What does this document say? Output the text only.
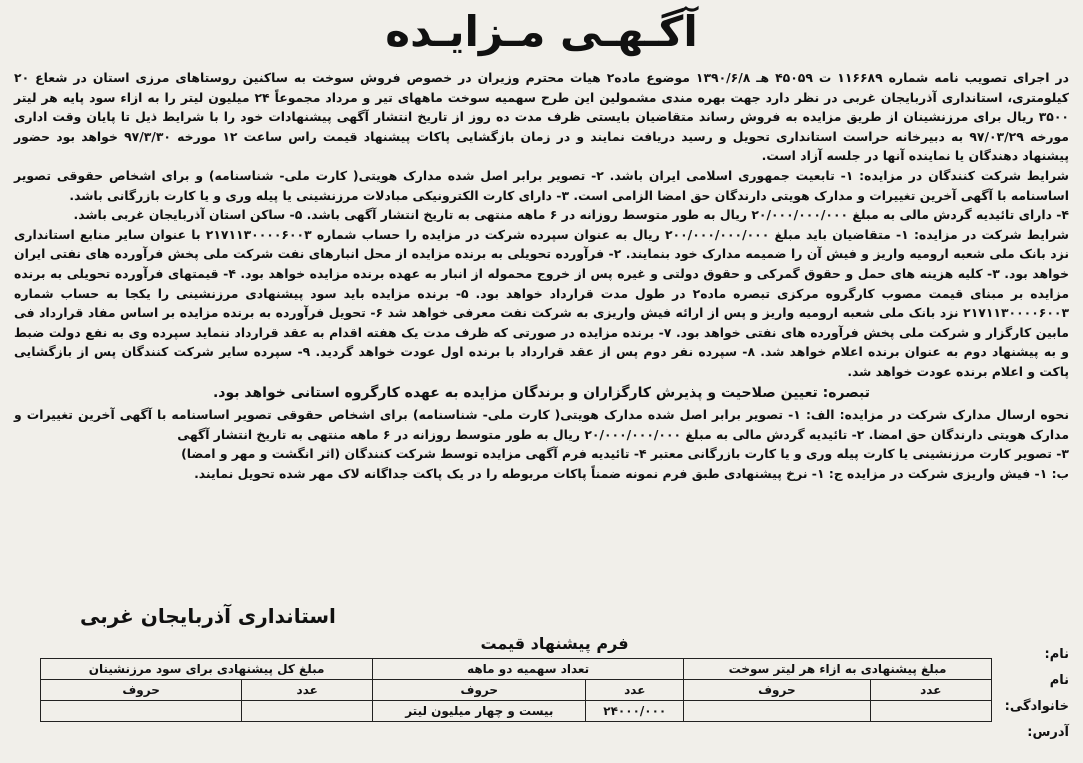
آگـهـی مـزایـده

در اجرای تصویب نامه شماره ۱۱۶۶۸۹ ت ۴۵۰۵۹ هـ ۱۳۹۰/۶/۸ موضوع ماده۲ هیات محترم وزیران در خصوص فروش سوخت به ساکنین روستاهای مرزی استان در شعاع ۲۰ کیلومتری، استانداری آذربایجان غربی در نظر دارد جهت بهره مندی مشمولین این طرح سهمیه سوخت ماههای تیر و مرداد مجموعاً ۲۴ میلیون لیتر را به ازاء سود پایه هر لیتر ۳۵۰۰ ریال برای مرزنشینان از طریق مزایده به فروش رساند متقاضیان بایستی ظرف مدت ده روز از تاریخ انتشار آگهی پیشنهادات خود را با شرایط ذیل تا پایان وقت اداری مورخه ۹۷/۰۳/۲۹ به دبیرخانه حراست استانداری تحویل و رسید دریافت نمایند و در زمان بازگشایی پاکات پیشنهاد قیمت راس ساعت ۱۲ مورخه ۹۷/۳/۳۰ خواهد بود حضور پیشنهاد دهندگان یا نماینده آنها در جلسه آزاد است.

شرایط شرکت کنندگان در مزایده: ۱- تابعیت جمهوری اسلامی ایران باشد. ۲- تصویر برابر اصل شده مدارک هویتی( کارت ملی- شناسنامه) و برای اشخاص حقوقی تصویر اساسنامه با آگهی آخرین تغییرات و مدارک هویتی دارندگان حق امضا الزامی است. ۳- دارای کارت الکترونیکی مبادلات مرزنشینی یا پیله وری و یا کارت بازرگانی باشد.

۴- دارای تائیدیه گردش مالی به مبلغ ۲۰/۰۰۰/۰۰۰/۰۰۰ ریال به طور متوسط روزانه در ۶ ماهه منتهی به تاریخ انتشار آگهی باشد. ۵- ساکن استان آذربایجان غربی باشد.

شرایط شرکت در مزایده: ۱- متقاضیان باید مبلغ ۲۰۰/۰۰۰/۰۰۰/۰۰۰ ریال به عنوان سپرده شرکت در مزایده را حساب شماره ۲۱۷۱۱۳۰۰۰۰۶۰۰۳ با عنوان سایر منابع استانداری نزد بانک ملی شعبه ارومیه واریز و فیش آن را ضمیمه مدارک خود بنمایند. ۲- فرآورده تحویلی به برنده مزایده از محل انبارهای نفت شرکت ملی پخش فرآورده های نفتی ایران خواهد بود. ۳- کلیه هزینه های حمل و حقوق گمرکی و حقوق دولتی و غیره پس از خروج محموله از انبار به عهده برنده مزایده خواهد بود. ۴- قیمتهای فرآورده تحویلی به برنده مزایده بر مبنای قیمت مصوب کارگروه مرکزی تبصره ماده۲ در طول مدت قرارداد خواهد بود. ۵- برنده مزایده باید سود پیشنهادی مرزنشینی را یکجا به حساب شماره ۲۱۷۱۱۳۰۰۰۰۶۰۰۳ نزد بانک ملی شعبه ارومیه واریز و پس از ارائه فیش واریزی به شرکت نفت معرفی خواهد شد ۶- تحویل فرآورده به برنده مزایده بر اساس مفاد قرارداد فی مابین کارگزار و شرکت ملی پخش فرآورده های نفتی خواهد بود. ۷- برنده مزایده در صورتی که ظرف مدت یک هفته اقدام به عقد قرارداد ننماید سپرده وی به نفع دولت ضبط و به پیشنهاد دوم به عنوان برنده اعلام خواهد شد. ۸- سپرده نفر دوم پس از عقد قرارداد با برنده اول عودت خواهد گردید. ۹- سپرده سایر شرکت کنندگان پس از بازگشایی پاکت و اعلام برنده عودت خواهد شد.

تبصره: تعیین صلاحیت و پذیرش کارگزاران و برندگان مزایده به عهده کارگروه استانی خواهد بود.

نحوه ارسال مدارک شرکت در مزایده: الف: ۱- تصویر برابر اصل شده مدارک هویتی( کارت ملی- شناسنامه) برای اشخاص حقوقی تصویر اساسنامه با آگهی آخرین تغییرات و مدارک هویتی دارندگان حق امضا. ۲- تائیدیه گردش مالی به مبلغ ۲۰/۰۰۰/۰۰۰/۰۰۰ ریال به طور متوسط روزانه در ۶ ماهه منتهی به تاریخ انتشار آگهی

۳- تصویر کارت مرزنشینی یا کارت پیله وری و یا کارت بازرگانی معتبر ۴- تائیدیه فرم آگهی مزایده توسط شرکت کنندگان (اثر انگشت و مهر و امضا)

ب: ۱- فیش واریزی شرکت در مزایده ج: ۱- نرخ پیشنهادی طبق فرم نمونه ضمناً پاکات مربوطه را در یک پاکت جداگانه لاک مهر شده تحویل نمایند.

استانداری آذربایجان غربی
فرم پیشنهاد قیمت
نام:
نام خانوادگی:
آدرس:
مبلغ پیشنهادی به ازاء هر لیتر سوخت		تعداد سهمیه دو ماهه		مبلغ کل پیشنهادی برای سود مرزنشینان	
عدد	حروف	عدد	حروف	عدد	حروف
		۲۴۰۰۰/۰۰۰	بیست و چهار میلیون لیتر		
